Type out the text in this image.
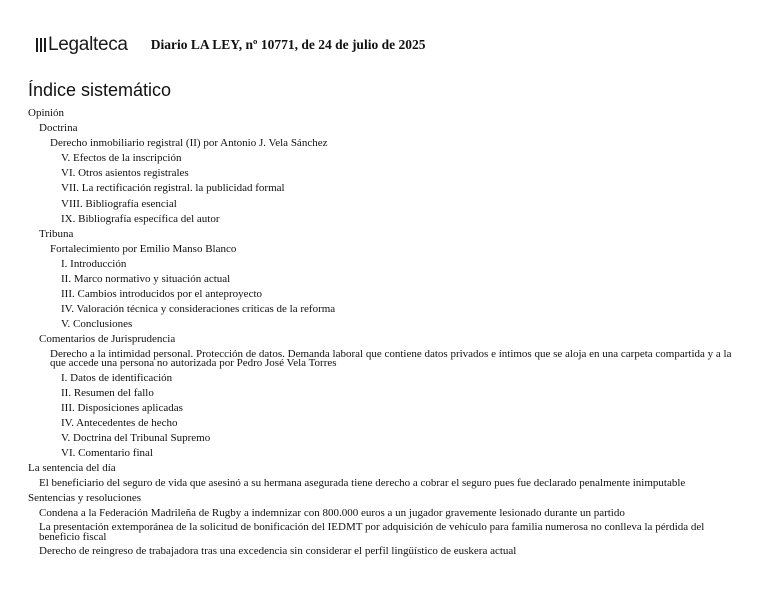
Legalteca Diario LA LEY, nº 10771, de 24 de julio de 2025
Índice sistemático
Opinión
Doctrina
Derecho inmobiliario registral (II) por Antonio J. Vela Sánchez
V. Efectos de la inscripción
VI. Otros asientos registrales
VII. La rectificación registral. la publicidad formal
VIII. Bibliografía esencial
IX. Bibliografía específica del autor
Tribuna
Fortalecimiento por Emilio Manso Blanco
I. Introducción
II. Marco normativo y situación actual
III. Cambios introducidos por el anteproyecto
IV. Valoración técnica y consideraciones críticas de la reforma
V. Conclusiones
Comentarios de Jurisprudencia
Derecho a la intimidad personal. Protección de datos. Demanda laboral que contiene datos privados e íntimos que se aloja en una carpeta compartida y a la que accede una persona no autorizada por Pedro José Vela Torres
I. Datos de identificación
II. Resumen del fallo
III. Disposiciones aplicadas
IV. Antecedentes de hecho
V. Doctrina del Tribunal Supremo
VI. Comentario final
La sentencia del día
El beneficiario del seguro de vida que asesinó a su hermana asegurada tiene derecho a cobrar el seguro pues fue declarado penalmente inimputable
Sentencias y resoluciones
Condena a la Federación Madrileña de Rugby a indemnizar con 800.000 euros a un jugador gravemente lesionado durante un partido
La presentación extemporánea de la solicitud de bonificación del IEDMT por adquisición de vehículo para familia numerosa no conlleva la pérdida del beneficio fiscal
Derecho de reingreso de trabajadora tras una excedencia sin considerar el perfil lingüístico de euskera actual
